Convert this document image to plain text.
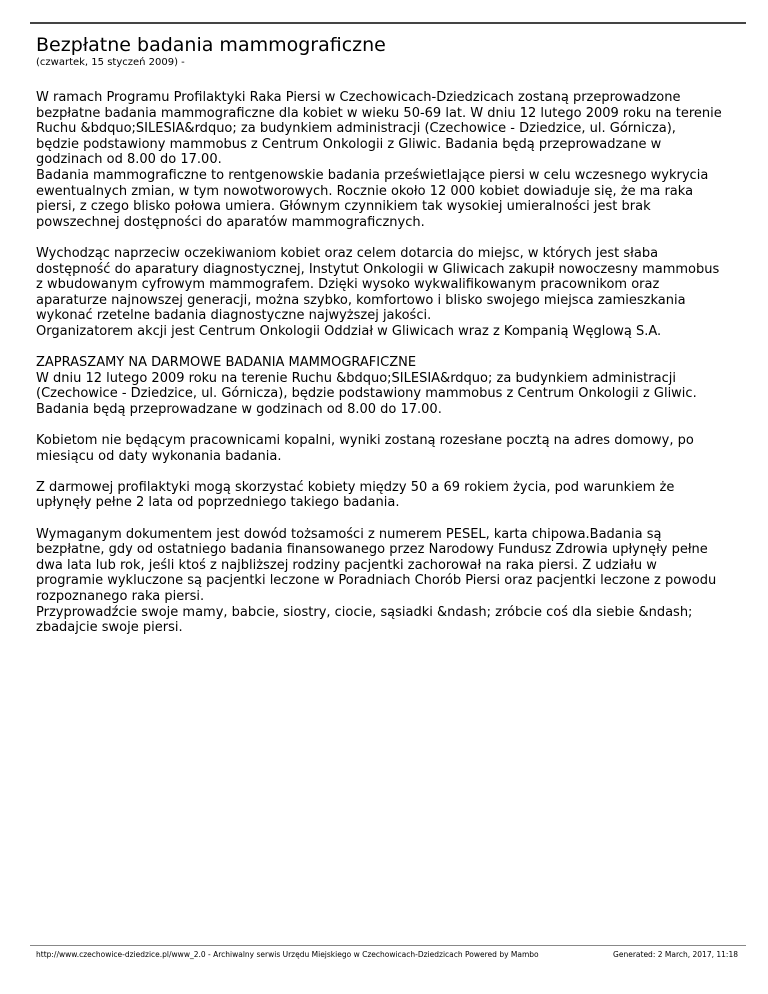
Bezpłatne badania mammograficzne
(czwartek, 15 styczeń 2009) -

W ramach Programu Profilaktyki Raka Piersi w Czechowicach-Dziedzicach zostaną przeprowadzone
bezpłatne badania mammograficzne dla kobiet w wieku 50-69 lat. W dniu 12 lutego 2009 roku na terenie
Ruchu &bdquo;SILESIA&rdquo; za budynkiem administracji (Czechowice - Dziedzice, ul. Górnicza),
będzie podstawiony mammobus z Centrum Onkologii z Gliwic. Badania będą przeprowadzane w
godzinach od 8.00 do 17.00.
Badania mammograficzne to rentgenowskie badania prześwietlające piersi w celu wczesnego wykrycia
ewentualnych zmian, w tym nowotworowych. Rocznie około 12 000 kobiet dowiaduje się, że ma raka
piersi, z czego blisko połowa umiera. Głównym czynnikiem tak wysokiej umieralności jest brak
powszechnej dostępności do aparatów mammograficznych.

Wychodząc naprzeciw oczekiwaniom kobiet oraz celem dotarcia do miejsc, w których jest słaba
dostępność do aparatury diagnostycznej, Instytut Onkologii w Gliwicach zakupił nowoczesny mammobus
z wbudowanym cyfrowym mammografem. Dzięki wysoko wykwalifikowanym pracownikom oraz
aparaturze najnowszej generacji, można szybko, komfortowo i blisko swojego miejsca zamieszkania
wykonać rzetelne badania diagnostyczne najwyższej jakości.
Organizatorem akcji jest Centrum Onkologii Oddział w Gliwicach wraz z Kompanią Węglową S.A.

ZAPRASZAMY NA DARMOWE BADANIA MAMMOGRAFICZNE
W dniu 12 lutego 2009 roku na terenie Ruchu &bdquo;SILESIA&rdquo; za budynkiem administracji
(Czechowice - Dziedzice, ul. Górnicza), będzie podstawiony mammobus z Centrum Onkologii z Gliwic.
Badania będą przeprowadzane w godzinach od 8.00 do 17.00.

Kobietom nie będącym pracownicami kopalni, wyniki zostaną rozesłane pocztą na adres domowy, po
miesiącu od daty wykonania badania.

Z darmowej profilaktyki mogą skorzystać kobiety między 50 a 69 rokiem życia, pod warunkiem że
upłynęły pełne 2 lata od poprzedniego takiego badania.

Wymaganym dokumentem jest dowód tożsamości z numerem PESEL, karta chipowa.Badania są
bezpłatne, gdy od ostatniego badania finansowanego przez Narodowy Fundusz Zdrowia upłynęły pełne
dwa lata lub rok, jeśli ktoś z najbliższej rodziny pacjentki zachorował na raka piersi. Z udziału w
programie wykluczone są pacjentki leczone w Poradniach Chorób Piersi oraz pacjentki leczone z powodu
rozpoznanego raka piersi.
Przyprowadźcie swoje mamy, babcie, siostry, ciocie, sąsiadki &ndash; zróbcie coś dla siebie &ndash;
zbadajcie swoje piersi.

http://www.czechowice-dziedzice.pl/www_2.0 - Archiwalny serwis Urzędu Miejskiego w Czechowicach-Dziedzicach Powered by Mambo	Generated: 2 March, 2017, 11:18
